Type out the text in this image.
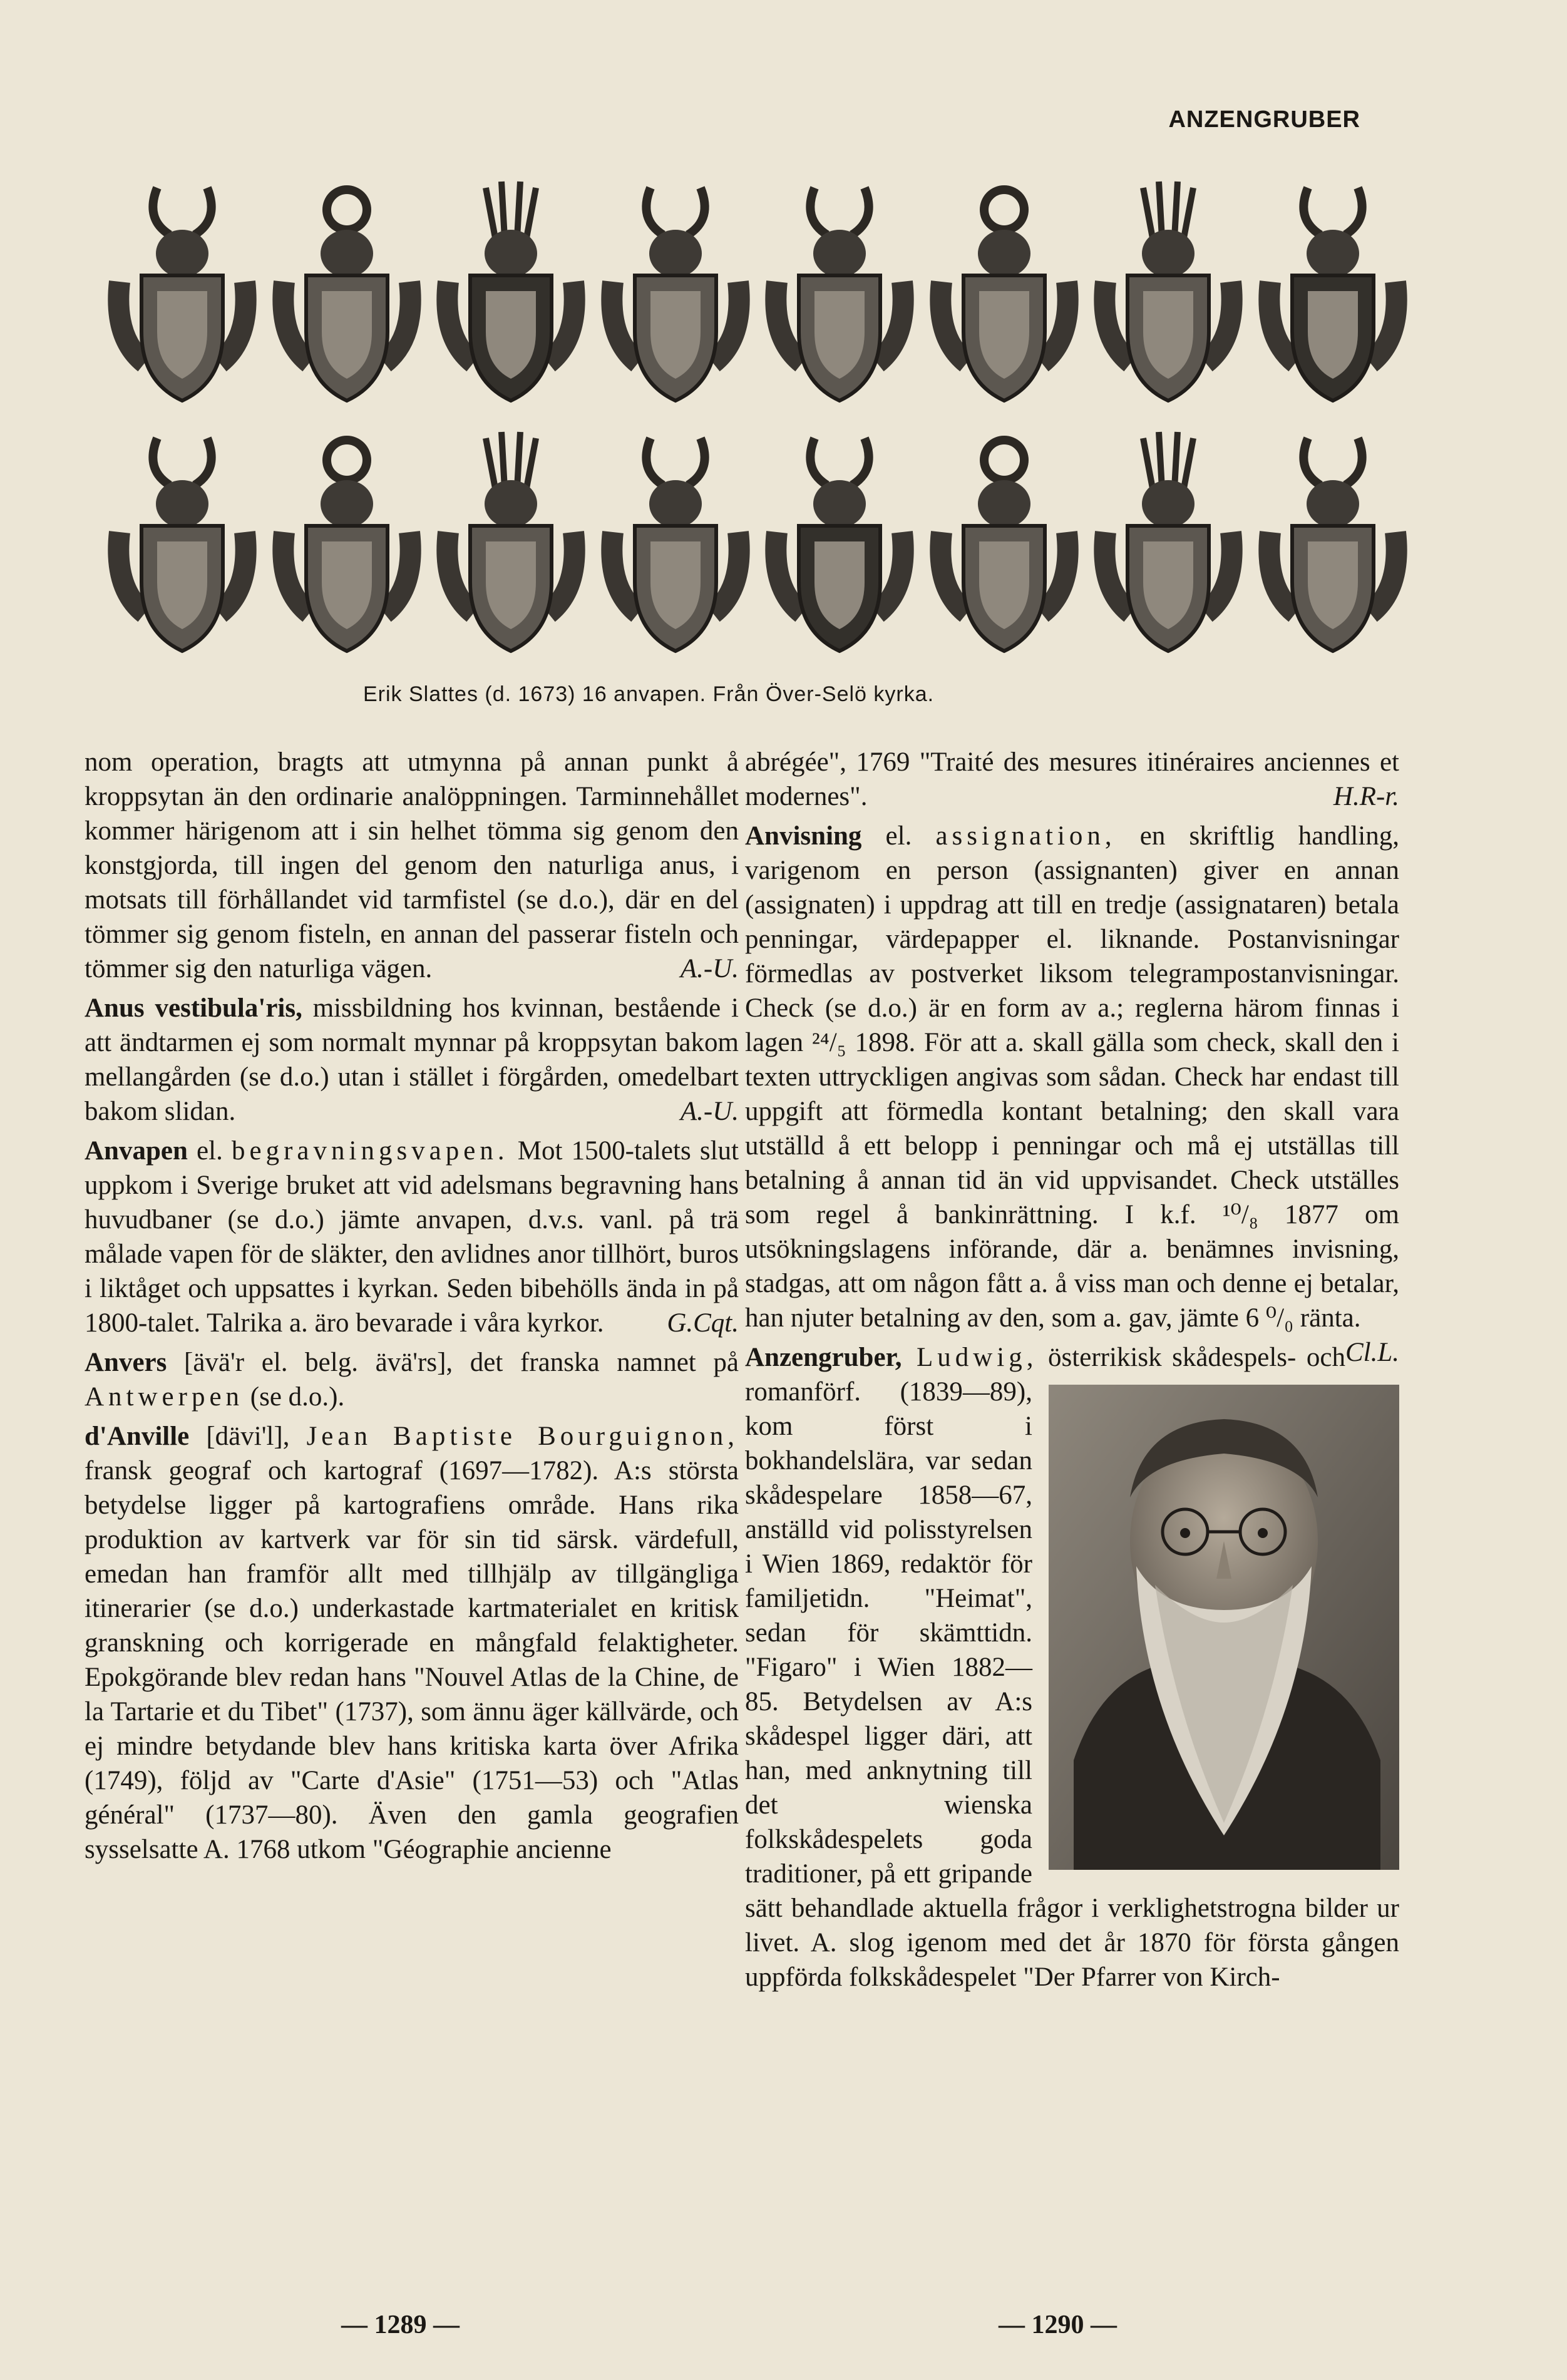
ANZENGRUBER
Erik Slattes (d. 1673) 16 anvapen. Från Över-Selö kyrka.

nom operation, bragts att utmynna på annan punkt å kroppsytan än den ordinarie analöppningen. Tarminnehållet kommer härigenom att i sin helhet tömma sig genom den konstgjorda, till ingen del genom den naturliga anus, i motsats till förhållandet vid tarmfistel (se d.o.), där en del tömmer sig genom fisteln, en annan del passerar fisteln och tömmer sig den naturliga vägen.	A.-U.

Anus vestibula'ris, missbildning hos kvinnan, bestående i att ändtarmen ej som normalt mynnar på kroppsytan bakom mellangården (se d.o.) utan i stället i förgården, omedelbart bakom slidan.	A.-U.

Anvapen el. begravningsvapen. Mot 1500-talets slut uppkom i Sverige bruket att vid adelsmans begravning hans huvudbaner (se d.o.) jämte anvapen, d.v.s. vanl. på trä målade vapen för de släkter, den avlidnes anor tillhört, buros i liktåget och uppsattes i kyrkan. Seden bibehölls ända in på 1800-talet. Talrika a. äro bevarade i våra kyrkor. G.Cqt.

Anvers [ävä'r el. belg. ävä'rs], det franska namnet på Antwerpen (se d.o.).

d'Anville [dävi'l], Jean Baptiste Bourguignon, fransk geograf och kartograf (1697—1782). A:s största betydelse ligger på kartografiens område. Hans rika produktion av kartverk var för sin tid särsk. värdefull, emedan han framför allt med tillhjälp av tillgängliga itinerarier (se d.o.) underkastade kartmaterialet en kritisk granskning och korrigerade en mångfald felaktigheter. Epokgörande blev redan hans "Nouvel Atlas de la Chine, de la Tartarie et du Tibet" (1737), som ännu äger källvärde, och ej mindre betydande blev hans kritiska karta över Afrika (1749), följd av "Carte d'Asie" (1751—53) och "Atlas général" (1737—80). Även den gamla geografien sysselsatte A. 1768 utkom "Géographie ancienne

abrégée", 1769 "Traité des mesures itinéraires anciennes et modernes".	H.R-r.

Anvisning el. assignation, en skriftlig handling, varigenom en person (assignanten) giver en annan (assignaten) i uppdrag att till en tredje (assignataren) betala penningar, värdepapper el. liknande. Postanvisningar förmedlas av postverket liksom telegrampostanvisningar. Check (se d.o.) är en form av a.; reglerna härom finnas i lagen ²⁴/₅ 1898. För att a. skall gälla som check, skall den i texten uttryckligen angivas som sådan. Check har endast till uppgift att förmedla kontant betalning; den skall vara utställd å ett belopp i penningar och må ej utställas till betalning å annan tid än vid uppvisandet. Check utställes som regel å bankinrättning. I k.f. ¹⁰/₈ 1877 om utsökningslagens införande, där a. benämnes invisning, stadgas, att om någon fått a. å viss man och denne ej betalar, han njuter betalning av den, som a. gav, jämte 6 ⁰/₀ ränta.
Cl.L.

Anzengruber, Ludwig,
österrikisk skådespels- och romanförf. (1839—89), kom först i bokhandelslära, var sedan skådespelare 1858—67, anställd vid polisstyrelsen i Wien 1869, redaktör för familjetidn. "Heimat", sedan för skämttidn. "Figaro" i Wien 1882—85. Betydelsen av A:s skådespel ligger däri, att han, med anknytning till det wienska folkskådespelets goda traditioner, på ett gripande sätt behandlade aktuella frågor i verklighetstrogna bilder ur livet. A. slog igenom med det år 1870 för första gången uppförda folkskådespelet "Der Pfarrer von Kirch-

— 1289 —	— 1290 —
